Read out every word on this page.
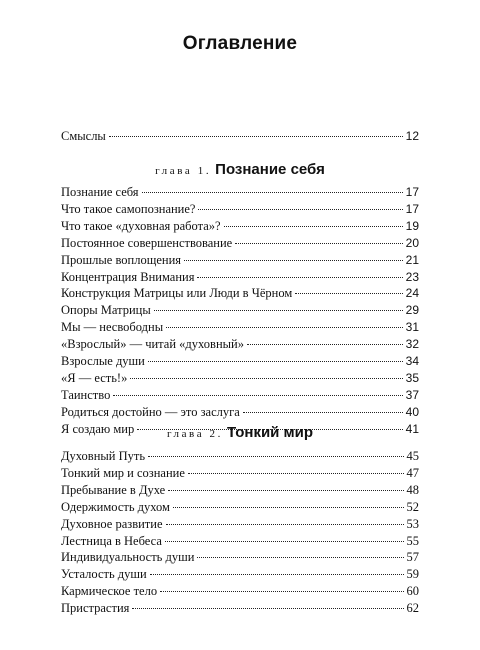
Оглавление
Смыслы	12
глава 1. Познание себя
Познание себя	17
Что такое самопознание?	17
Что такое «духовная работа»?	19
Постоянное совершенствование	20
Прошлые воплощения	21
Концентрация Внимания	23
Конструкция Матрицы или Люди в Чёрном	24
Опоры Матрицы	29
Мы — несвободны	31
«Взрослый» — читай «духовный»	32
Взрослые души	34
«Я — есть!»	35
Таинство	37
Родиться достойно — это заслуга	40
Я создаю мир	41
глава 2. Тонкий мир
Духовный Путь	45
Тонкий мир и сознание	47
Пребывание в Духе	48
Одержимость духом	52
Духовное развитие	53
Лестница в Небеса	55
Индивидуальность души	57
Усталость души	59
Кармическое тело	60
Пристрастия	62
